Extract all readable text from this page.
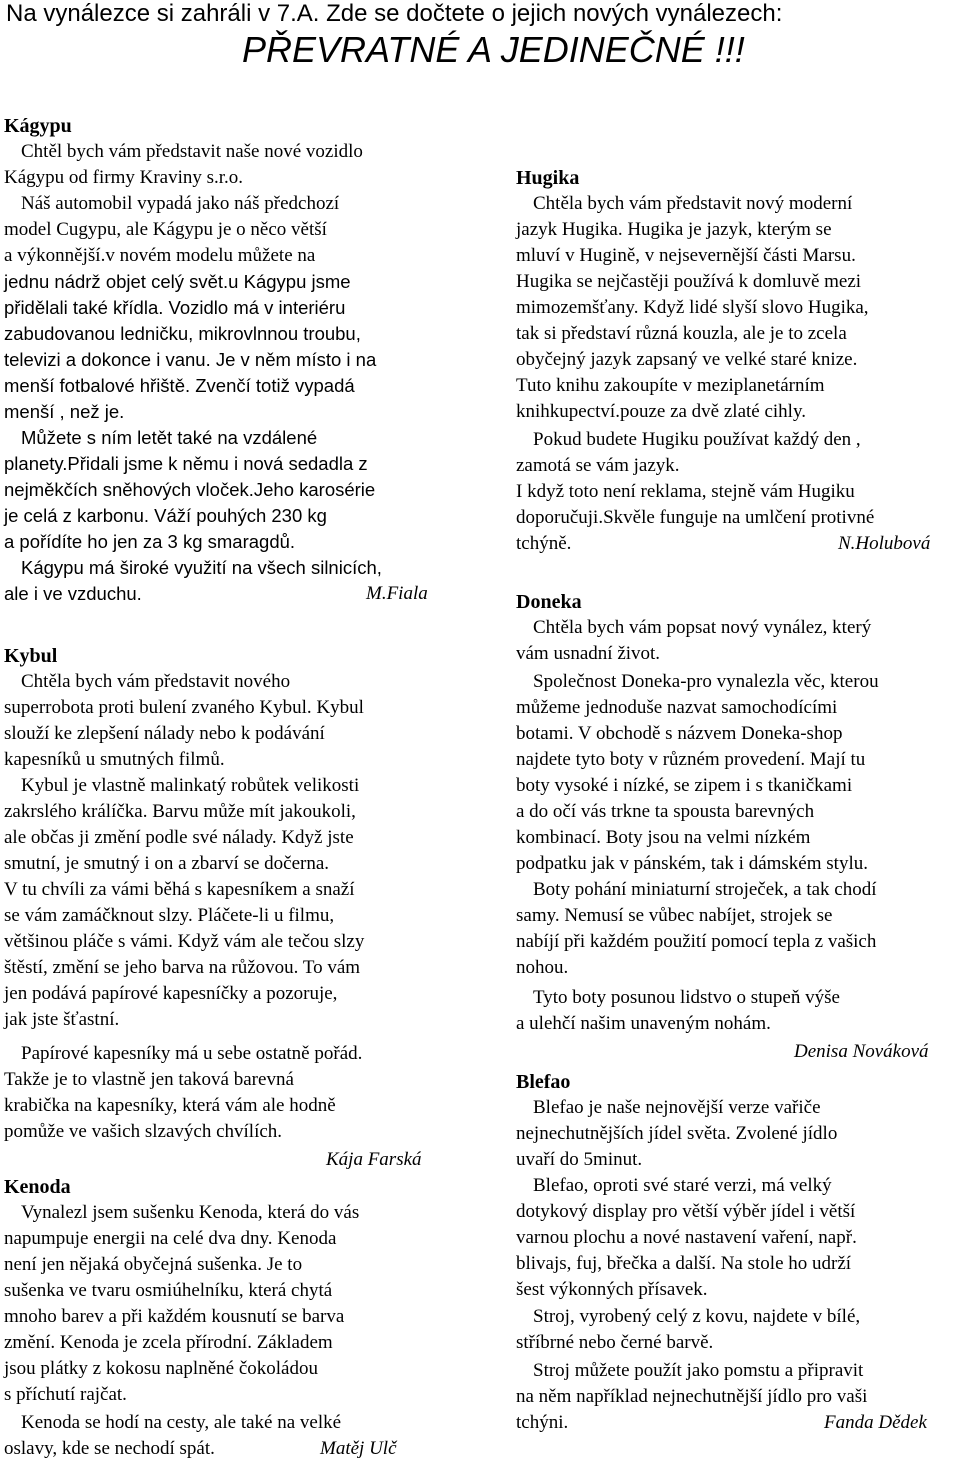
Na vynálezce si zahráli v 7.A. Zde se dočtete o jejich nových vynálezech:
PŘEVRATNÉ A JEDINEČNÉ !!!
Kágypu
Chtěl bych vám představit naše nové vozidlo
Kágypu od firmy Kraviny s.r.o.
Náš automobil vypadá jako náš předchozí
model Cugypu, ale Kágypu je o něco větší
a výkonnější.v novém modelu můžete na
jednu nádrž objet celý svět.u Kágypu jsme
přidělali také křídla. Vozidlo má v interiéru
zabudovanou ledničku, mikrovlnnou troubu,
televizi a dokonce i vanu. Je v něm místo i na
menší fotbalové hřiště. Zvenčí totiž vypadá
menší , než je.
Můžete s ním letět také na vzdálené
planety.Přidali jsme k němu i nová sedadla z
nejměkčích sněhových vloček.Jeho karosérie
je celá z karbonu. Váží pouhých 230 kg
a pořídíte ho jen za 3 kg smaragdů.
Kágypu má široké využití na všech silnicích,
ale i ve vzduchu.	M.Fiala
Kybul
Chtěla bych vám představit nového
superrobota proti bulení zvaného Kybul. Kybul
slouží ke zlepšení nálady nebo k podávání
kapesníků u smutných filmů.
Kybul je vlastně malinkatý robůtek velikosti
zakrslého králíčka. Barvu může mít jakoukoli,
ale občas ji změní podle své nálady. Když jste
smutní, je smutný i on a zbarví se dočerna.
V tu chvíli za vámi běhá s kapesníkem a snaží
se vám zamáčknout slzy. Pláčete-li u filmu,
většinou pláče s vámi. Když vám ale tečou slzy
štěstí, změní se jeho barva na růžovou. To vám
jen podává papírové kapesníčky a pozoruje,
jak jste šťastní.
Papírové kapesníky má u sebe ostatně pořád.
Takže je to vlastně jen taková barevná
krabička na kapesníky, která vám ale hodně
pomůže ve vašich slzavých chvílích.
Kája Farská
Kenoda
Vynalezl jsem sušenku Kenoda, která do vás
napumpuje energii na celé dva dny. Kenoda
není jen nějaká obyčejná sušenka. Je to
sušenka ve tvaru osmiúhelníku, která chytá
mnoho barev a při každém kousnutí se barva
změní. Kenoda je zcela přírodní. Základem
jsou plátky z kokosu naplněné čokoládou
s příchutí rajčat.
Kenoda se hodí na cesty, ale také na velké
oslavy, kde se nechodí spát.	Matěj Ulč
Hugika
Chtěla bych vám představit nový moderní
jazyk Hugika. Hugika je jazyk, kterým se
mluví v Hugině, v nejsevernější části Marsu.
Hugika se nejčastěji používá k domluvě mezi
mimozemšťany. Když lidé slyší slovo Hugika,
tak si představí různá kouzla, ale je to zcela
obyčejný jazyk zapsaný ve velké staré knize.
Tuto knihu zakoupíte v meziplanetárním
knihkupectví.pouze za dvě zlaté cihly.
Pokud budete Hugiku používat každý den ,
zamotá se vám jazyk.
I když toto není reklama, stejně vám Hugiku
doporučuji.Skvěle funguje na umlčení protivné
tchýně.	N.Holubová
Doneka
Chtěla bych vám popsat nový vynález, který
vám usnadní život.
Společnost Doneka-pro vynalezla věc, kterou
můžeme jednoduše nazvat samochodícími
botami. V obchodě s názvem Doneka-shop
najdete tyto boty v různém provedení. Mají tu
boty vysoké i nízké, se zipem i s tkaničkami
a do očí vás trkne ta spousta barevných
kombinací. Boty jsou na velmi nízkém
podpatku jak v pánském, tak i dámském stylu.
Boty pohání miniaturní stroječek, a tak chodí
samy. Nemusí se vůbec nabíjet, strojek se
nabíjí při každém použití pomocí tepla z vašich
nohou.
Tyto boty posunou lidstvo o stupeň výše
a ulehčí našim unaveným nohám.
Denisa Nováková
Blefao
Blefao je naše nejnovější verze vařiče
nejnechutnějších jídel světa. Zvolené jídlo
uvaří do 5minut.
Blefao, oproti své staré verzi, má velký
dotykový display pro větší výběr jídel i větší
varnou plochu a nové nastavení vaření, např.
blivajs, fuj, břečka a další. Na stole ho udrží
šest výkonných přísavek.
Stroj, vyrobený celý z kovu, najdete v bílé,
stříbrné nebo černé barvě.
Stroj můžete použít jako pomstu a připravit
na něm například nejnechutnější jídlo pro vaši
tchýni.	Fanda Dědek
